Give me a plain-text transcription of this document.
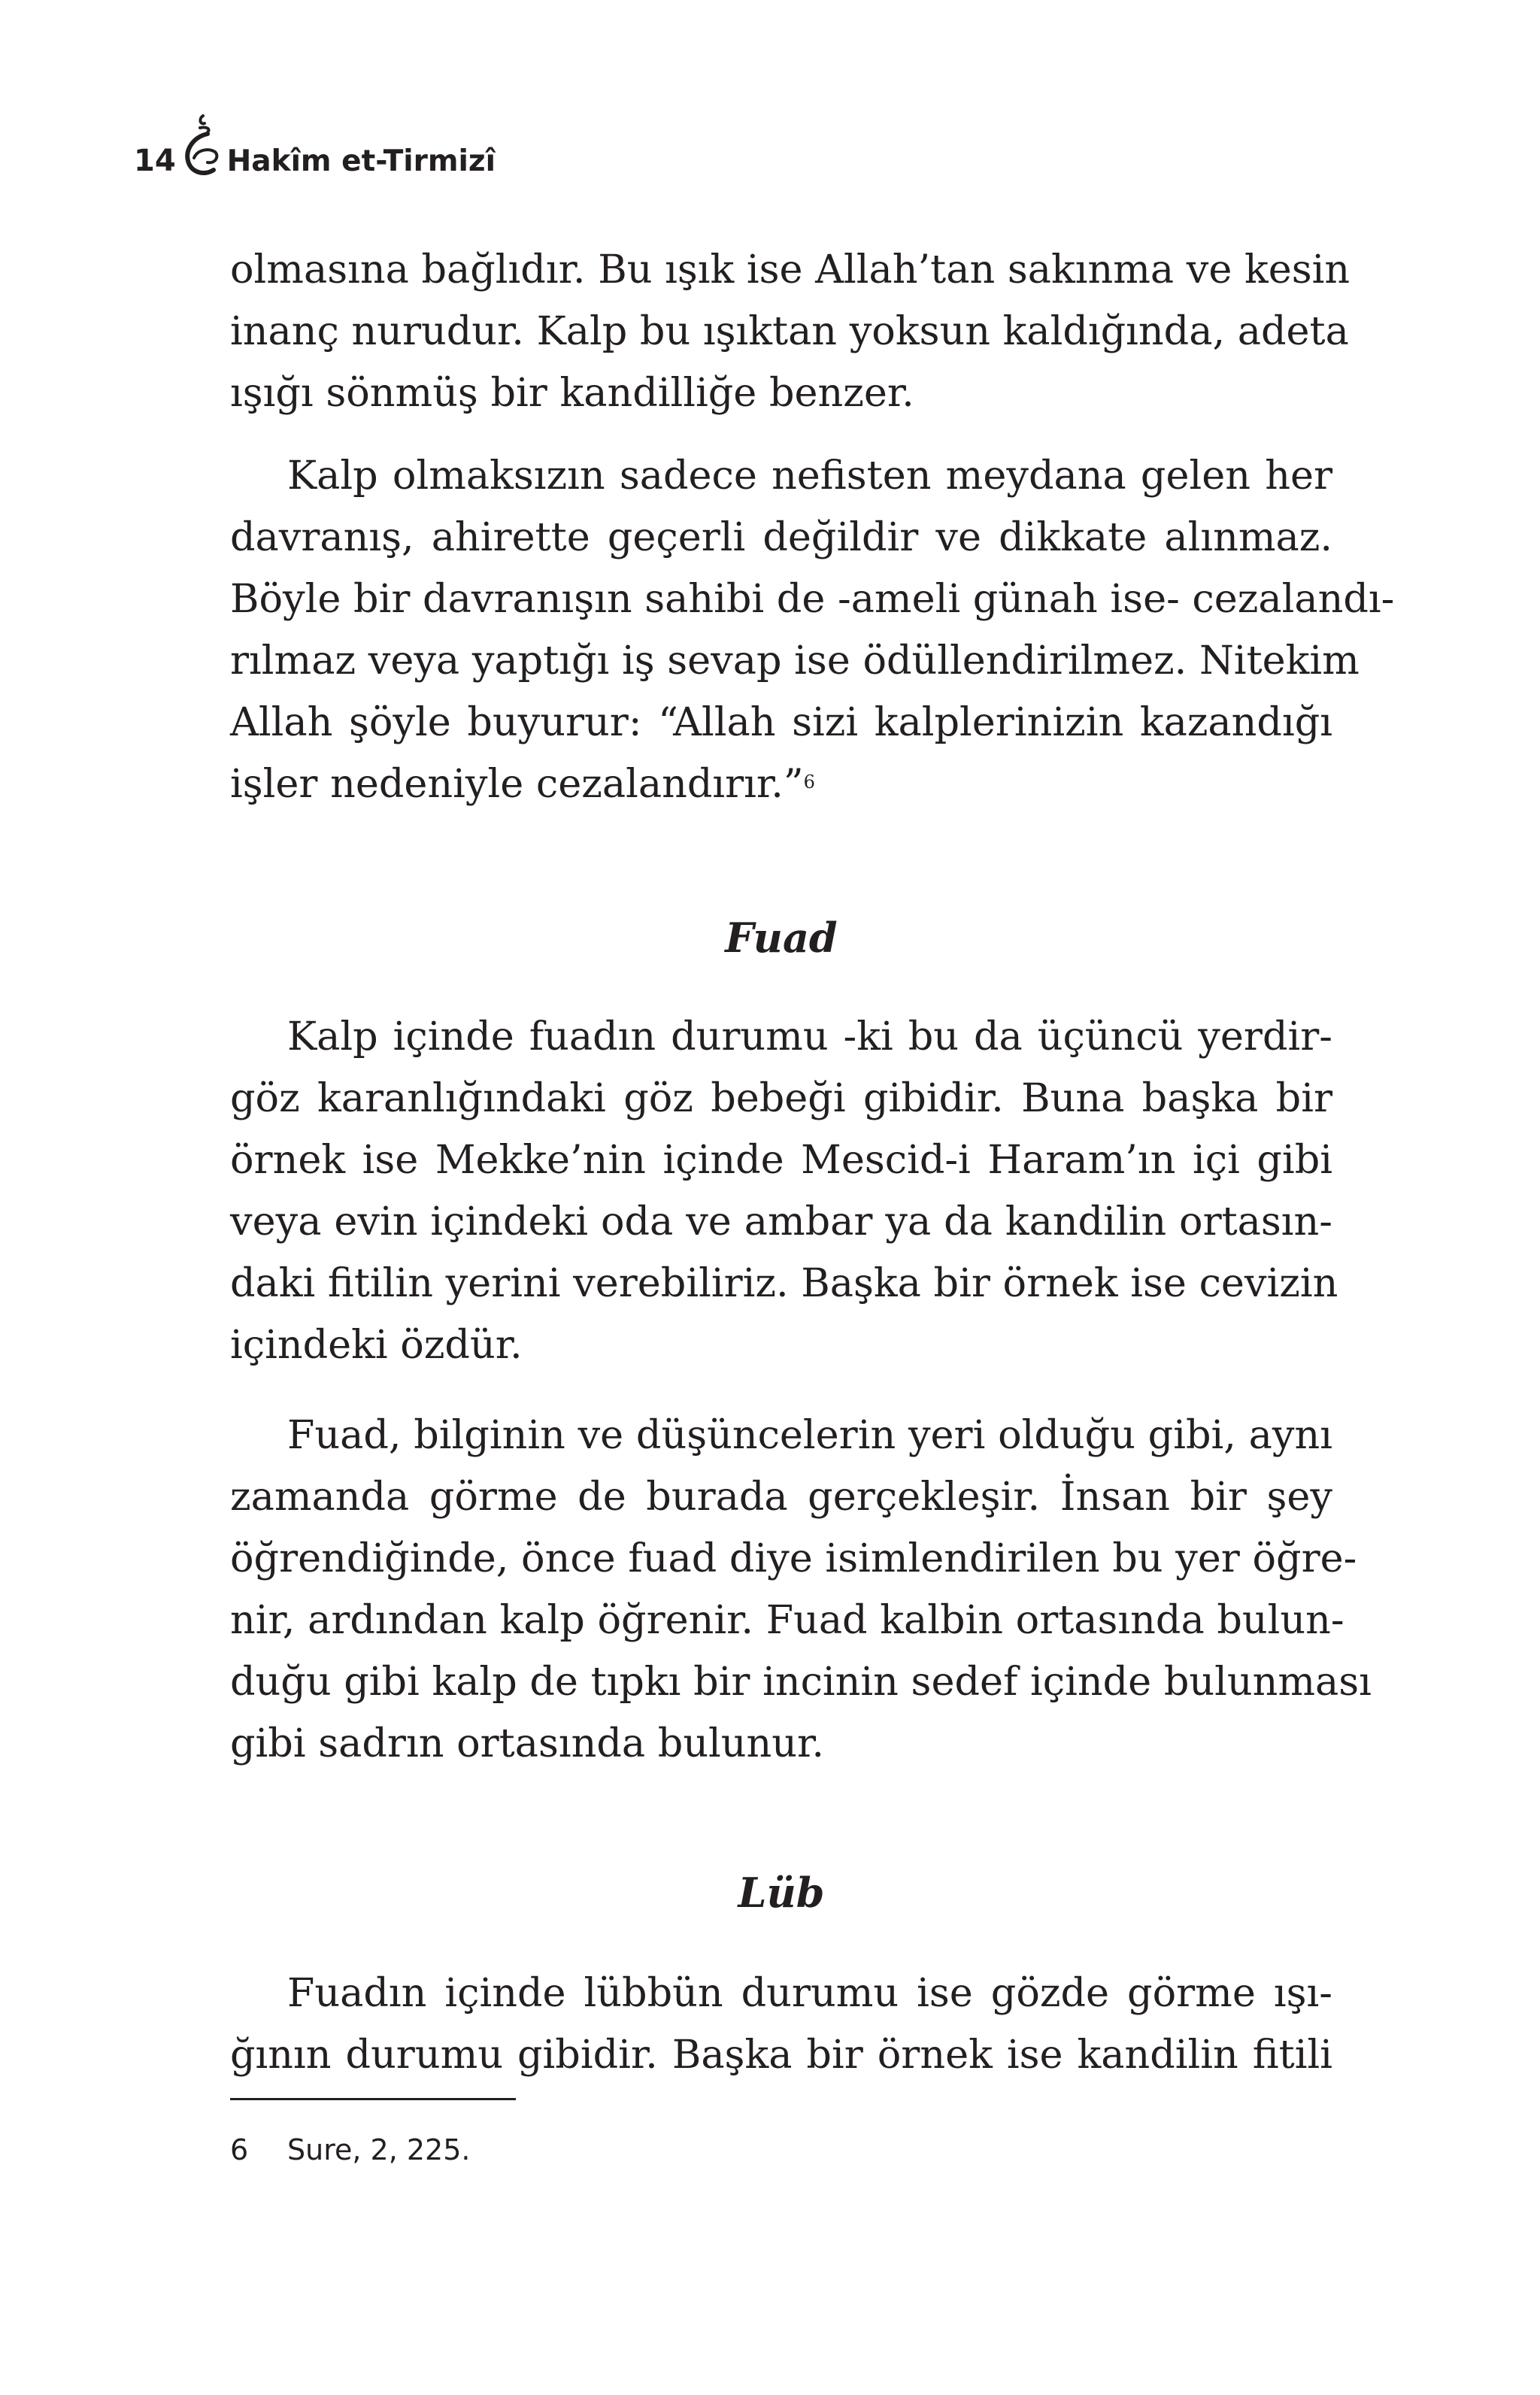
14 Hakîm et-Tirmizî
olmasına bağlıdır. Bu ışık ise Allah’tan sakınma ve kesin
inanç nurudur. Kalp bu ışıktan yoksun kaldığında, adeta
ışığı sönmüş bir kandilliğe benzer.
Kalp olmaksızın sadece nefisten meydana gelen her
davranış, ahirette geçerli değildir ve dikkate alınmaz.
Böyle bir davranışın sahibi de -ameli günah ise- cezalandı-
rılmaz veya yaptığı iş sevap ise ödüllendirilmez. Nitekim
Allah şöyle buyurur: “Allah sizi kalplerinizin kazandığı
işler nedeniyle cezalandırır.”$^6$
Fuad
Kalp içinde fuadın durumu -ki bu da üçüncü yerdir-
göz karanlığındaki göz bebeği gibidir. Buna başka bir
örnek ise Mekke’nin içinde Mescid-i Haram’ın içi gibi
veya evin içindeki oda ve ambar ya da kandilin ortasın-
daki fitilin yerini verebiliriz. Başka bir örnek ise cevizin
içindeki özdür.
Fuad, bilginin ve düşüncelerin yeri olduğu gibi, aynı
zamanda görme de burada gerçekleşir. İnsan bir şey
öğrendiğinde, önce fuad diye isimlendirilen bu yer öğre-
nir, ardından kalp öğrenir. Fuad kalbin ortasında bulun-
duğu gibi kalp de tıpkı bir incinin sedef içinde bulunması
gibi sadrın ortasında bulunur.
Lüb
Fuadın içinde lübbün durumu ise gözde görme ışı-
ğının durumu gibidir. Başka bir örnek ise kandilin fitili
6	Sure, 2, 225.
